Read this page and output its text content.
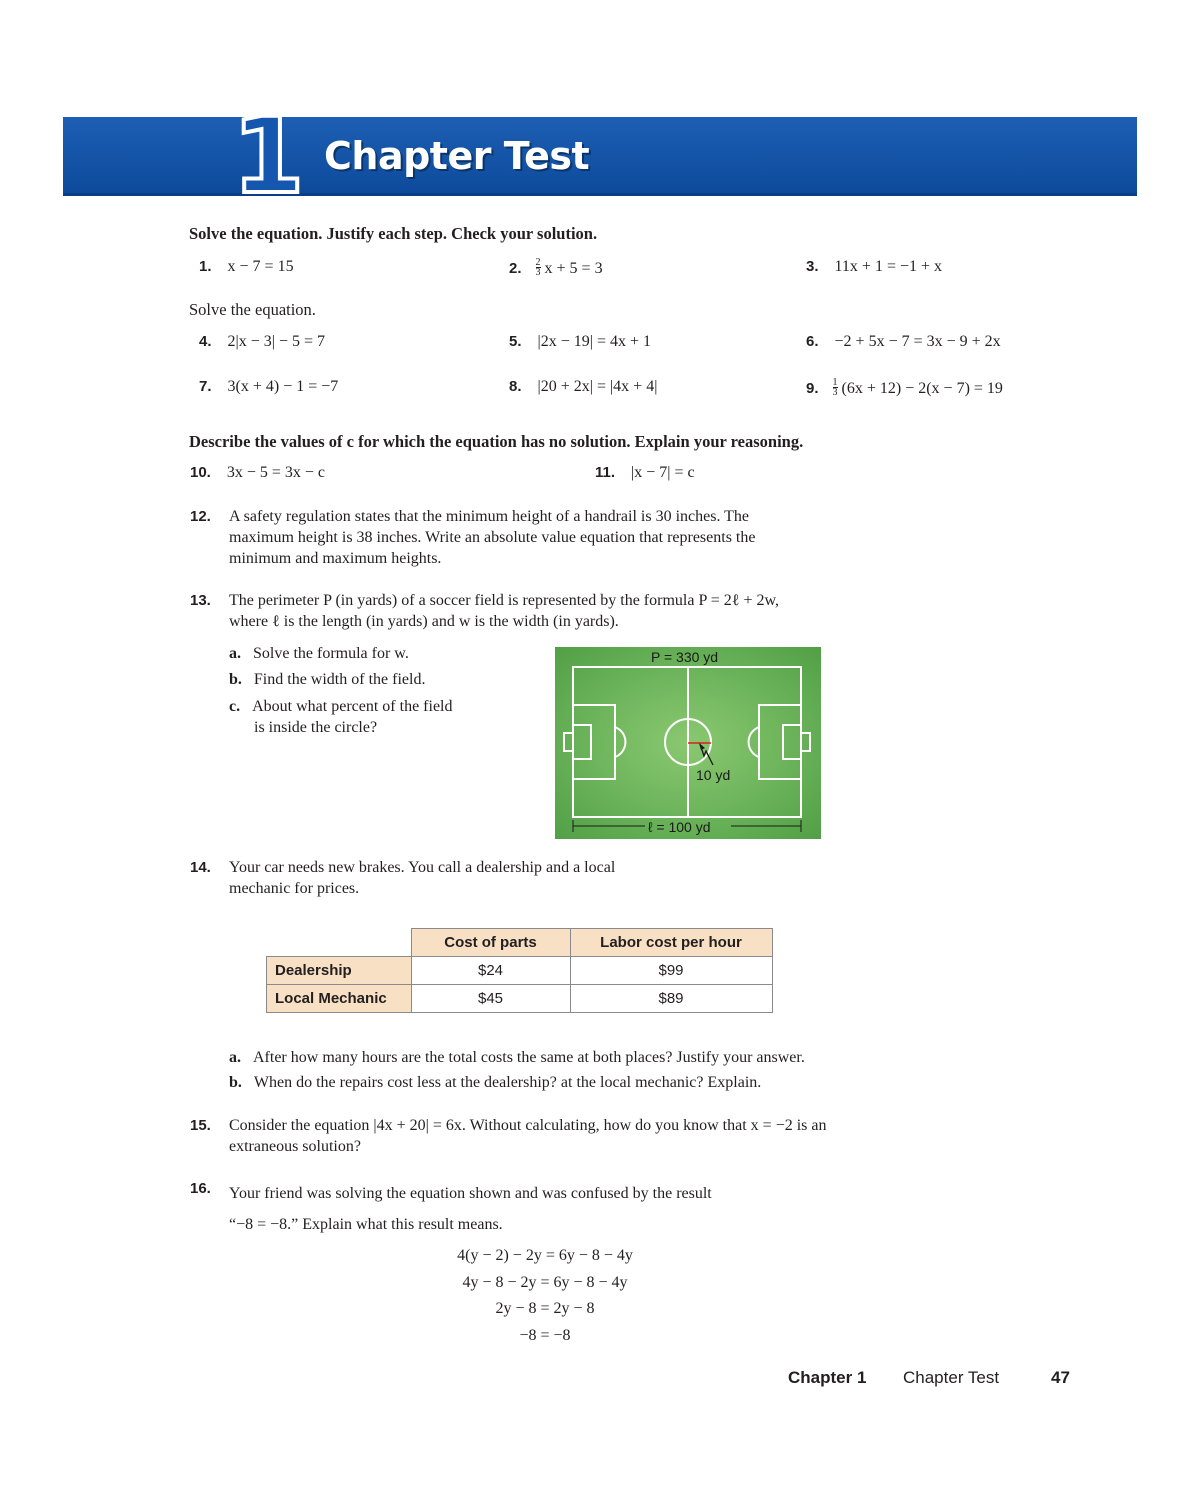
1 Chapter Test
Solve the equation. Justify each step. Check your solution.
1. x − 7 = 15	2. $\frac{2}{3}$ x + 5 = 3	3. 11x + 1 = −1 + x
Solve the equation.
4. 2|x − 3| − 5 = 7	5. |2x − 19| = 4x + 1	6. −2 + 5x − 7 = 3x − 9 + 2x
7. 3(x + 4) − 1 = −7	8. |20 + 2x| = |4x + 4|	9. $\frac{1}{3} (6x + 12) - 2(x - 7) = 19$
Describe the values of c for which the equation has no solution. Explain your reasoning.
10. 3x − 5 = 3x − c	11. |x − 7| = c
12. A safety regulation states that the minimum height of a handrail is 30 inches. The
maximum height is 38 inches. Write an absolute value equation that represents the
minimum and maximum heights.
13. The perimeter P (in yards) of a soccer field is represented by the formula P = 2ℓ + 2w,
where ℓ is the length (in yards) and w is the width (in yards).
a. Solve the formula for w.
b. Find the width of the field.
c. About what percent of the field
is inside the circle?
P = 330 yd
10 yd
ℓ = 100 yd
14. Your car needs new brakes. You call a dealership and a local
mechanic for prices.
	Cost of parts	Labor cost per hour
Dealership	$24	$99
Local Mechanic	$45	$89
a. After how many hours are the total costs the same at both places? Justify your answer.
b. When do the repairs cost less at the dealership? at the local mechanic? Explain.
15. Consider the equation |4x + 20| = 6x. Without calculating, how do you know that x = −2 is an
extraneous solution?
16. Your friend was solving the equation shown and was confused by the result
“−8 = −8.” Explain what this result means.
4(y − 2) − 2y = 6y − 8 − 4y
4y − 8 − 2y = 6y − 8 − 4y
2y − 8 = 2y − 8
−8 = −8
Chapter 1 Chapter Test	47
